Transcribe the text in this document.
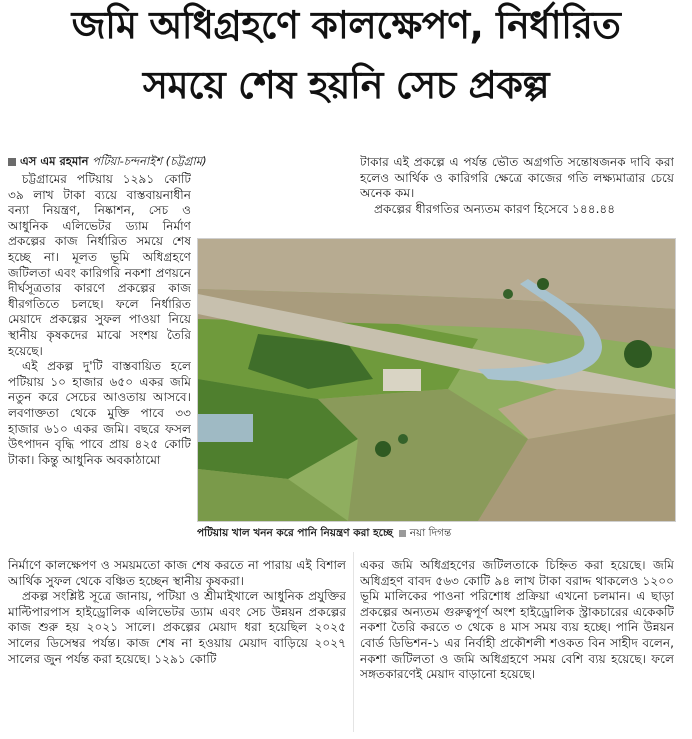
জমি অধিগ্রহণে কালক্ষেপণ, নির্ধারিত
সময়ে শেষ হয়নি সেচ প্রকল্প
এস এম রহমান পটিয়া-চন্দনাইশ (চট্টগ্রাম)

চট্টগ্রামের পটিয়ায় ১২৯১ কোটি ৩৯ লাখ টাকা ব্যয়ে বাস্তবায়নাধীন বন্যা নিয়ন্ত্রণ, নিষ্কাশন, সেচ ও আধুনিক এলিভেটর ড্যাম নির্মাণ প্রকল্পের কাজ নির্ধারিত সময়ে শেষ হচ্ছে না। মূলত ভূমি অধিগ্রহণে জটিলতা এবং কারিগরি নকশা প্রণয়নে দীর্ঘসূত্রতার কারণে প্রকল্পের কাজ ধীরগতিতে চলছে। ফলে নির্ধারিত মেয়াদে প্রকল্পের সুফল পাওয়া নিয়ে স্থানীয় কৃষকদের মাঝে সংশয় তৈরি হয়েছে।

এই প্রকল্প দু'টি বাস্তবায়িত হলে পটিয়ায় ১০ হাজার ৬৫০ একর জমি নতুন করে সেচের আওতায় আসবে। লবণাক্ততা থেকে মুক্তি পাবে ৩৩ হাজার ৬১০ একর জমি। বছরে ফসল উৎপাদন বৃদ্ধি পাবে প্রায় ৪২৫ কোটি টাকা। কিন্তু আধুনিক অবকাঠামো

নির্মাণে কালক্ষেপণ ও সময়মতো কাজ শেষ করতে না পারায় এই বিশাল আর্থিক সুফল থেকে বঞ্চিত হচ্ছেন স্থানীয় কৃষকরা।

প্রকল্প সংশ্লিষ্ট সূত্রে জানায়, পটিয়া ও শ্রীমাইখালে আধুনিক প্রযুক্তির মাল্টিপারপাস হাইড্রোলিক এলিভেটর ড্যাম এবং সেচ উন্নয়ন প্রকল্পের কাজ শুরু হয় ২০২১ সালে। প্রকল্পের মেয়াদ ধরা হয়েছিল ২০২৫ সালের ডিসেম্বর পর্যন্ত। কাজ শেষ না হওয়ায় মেয়াদ বাড়িয়ে ২০২৭ সালের জুন পর্যন্ত করা হয়েছে। ১২৯১ কোটি

টাকার এই প্রকল্পে এ পর্যন্ত ভৌত অগ্রগতি সন্তোষজনক দাবি করা হলেও আর্থিক ও কারিগরি ক্ষেত্রে কাজের গতি লক্ষ্যমাত্রার চেয়ে অনেক কম।

প্রকল্পের ধীরগতির অন্যতম কারণ হিসেবে ১৪৪.৪৪

একর জমি অধিগ্রহণের জটিলতাকে চিহ্নিত করা হয়েছে। জমি অধিগ্রহণ বাবদ ৫৬৩ কোটি ৯৪ লাখ টাকা বরাদ্দ থাকলেও ১২০০ ভূমি মালিকের পাওনা পরিশোধ প্রক্রিয়া এখনো চলমান। এ ছাড়া প্রকল্পের অন্যতম গুরুত্বপূর্ণ অংশ হাইড্রোলিক স্ট্রাকচারের একেকটি নকশা তৈরি করতে ৩ থেকে ৪ মাস সময় ব্যয় হচ্ছে। পানি উন্নয়ন বোর্ড ডিভিশন-১ এর নির্বাহী প্রকৌশলী শওকত বিন সাহীদ বলেন, নকশা জটিলতা ও জমি অধিগ্রহণে সময় বেশি ব্যয় হয়েছে। ফলে সঙ্গতকারণেই মেয়াদ বাড়ানো হয়েছে।

পটিয়ায় খাল খনন করে পানি নিয়ন্ত্রণ করা হচ্ছে নয়া দিগন্ত
